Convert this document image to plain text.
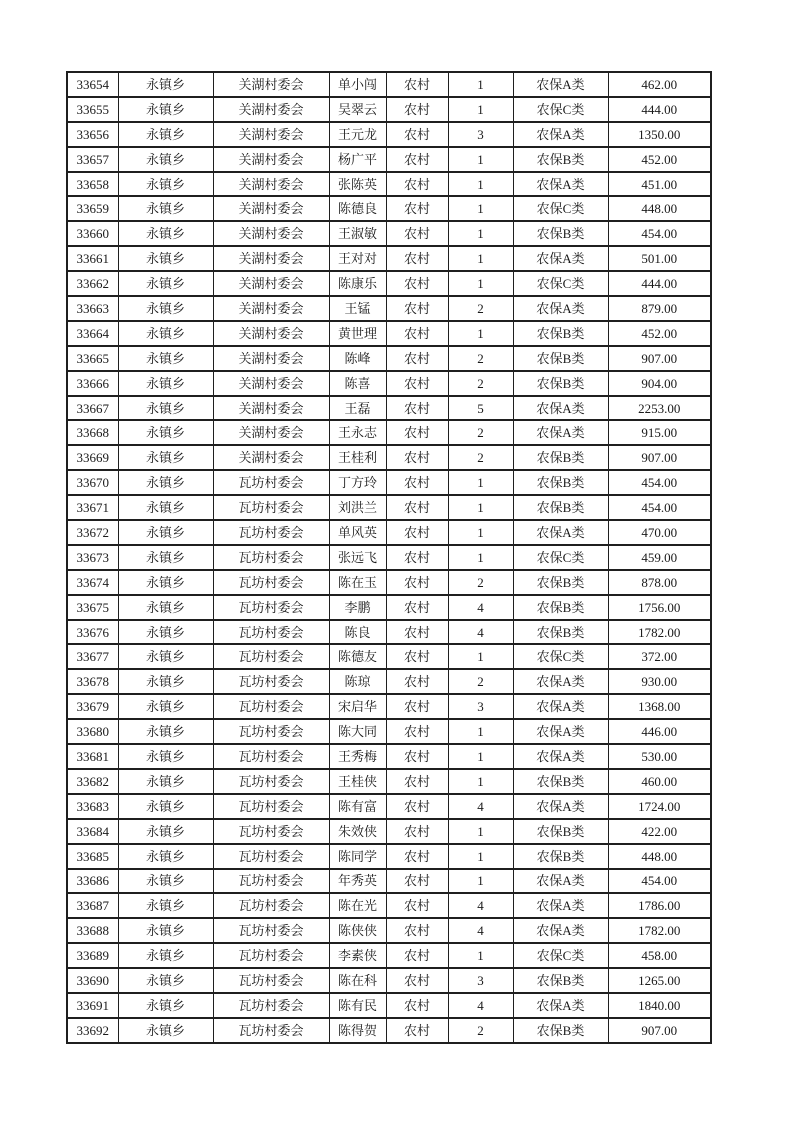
33654	永镇乡	关湖村委会	单小闯	农村	1	农保A类	462.00
33655	永镇乡	关湖村委会	吴翠云	农村	1	农保C类	444.00
33656	永镇乡	关湖村委会	王元龙	农村	3	农保A类	1350.00
33657	永镇乡	关湖村委会	杨广平	农村	1	农保B类	452.00
33658	永镇乡	关湖村委会	张陈英	农村	1	农保A类	451.00
33659	永镇乡	关湖村委会	陈德良	农村	1	农保C类	448.00
33660	永镇乡	关湖村委会	王淑敏	农村	1	农保B类	454.00
33661	永镇乡	关湖村委会	王对对	农村	1	农保A类	501.00
33662	永镇乡	关湖村委会	陈康乐	农村	1	农保C类	444.00
33663	永镇乡	关湖村委会	王锰	农村	2	农保A类	879.00
33664	永镇乡	关湖村委会	黄世理	农村	1	农保B类	452.00
33665	永镇乡	关湖村委会	陈峰	农村	2	农保B类	907.00
33666	永镇乡	关湖村委会	陈喜	农村	2	农保B类	904.00
33667	永镇乡	关湖村委会	王磊	农村	5	农保A类	2253.00
33668	永镇乡	关湖村委会	王永志	农村	2	农保A类	915.00
33669	永镇乡	关湖村委会	王桂利	农村	2	农保B类	907.00
33670	永镇乡	瓦坊村委会	丁方玲	农村	1	农保B类	454.00
33671	永镇乡	瓦坊村委会	刘洪兰	农村	1	农保B类	454.00
33672	永镇乡	瓦坊村委会	单风英	农村	1	农保A类	470.00
33673	永镇乡	瓦坊村委会	张远飞	农村	1	农保C类	459.00
33674	永镇乡	瓦坊村委会	陈在玉	农村	2	农保B类	878.00
33675	永镇乡	瓦坊村委会	李鹏	农村	4	农保B类	1756.00
33676	永镇乡	瓦坊村委会	陈良	农村	4	农保B类	1782.00
33677	永镇乡	瓦坊村委会	陈德友	农村	1	农保C类	372.00
33678	永镇乡	瓦坊村委会	陈琼	农村	2	农保A类	930.00
33679	永镇乡	瓦坊村委会	宋启华	农村	3	农保A类	1368.00
33680	永镇乡	瓦坊村委会	陈大同	农村	1	农保A类	446.00
33681	永镇乡	瓦坊村委会	王秀梅	农村	1	农保A类	530.00
33682	永镇乡	瓦坊村委会	王桂侠	农村	1	农保B类	460.00
33683	永镇乡	瓦坊村委会	陈有富	农村	4	农保A类	1724.00
33684	永镇乡	瓦坊村委会	朱效侠	农村	1	农保B类	422.00
33685	永镇乡	瓦坊村委会	陈同学	农村	1	农保B类	448.00
33686	永镇乡	瓦坊村委会	年秀英	农村	1	农保A类	454.00
33687	永镇乡	瓦坊村委会	陈在光	农村	4	农保A类	1786.00
33688	永镇乡	瓦坊村委会	陈侠侠	农村	4	农保A类	1782.00
33689	永镇乡	瓦坊村委会	李素侠	农村	1	农保C类	458.00
33690	永镇乡	瓦坊村委会	陈在科	农村	3	农保B类	1265.00
33691	永镇乡	瓦坊村委会	陈有民	农村	4	农保A类	1840.00
33692	永镇乡	瓦坊村委会	陈得贺	农村	2	农保B类	907.00
